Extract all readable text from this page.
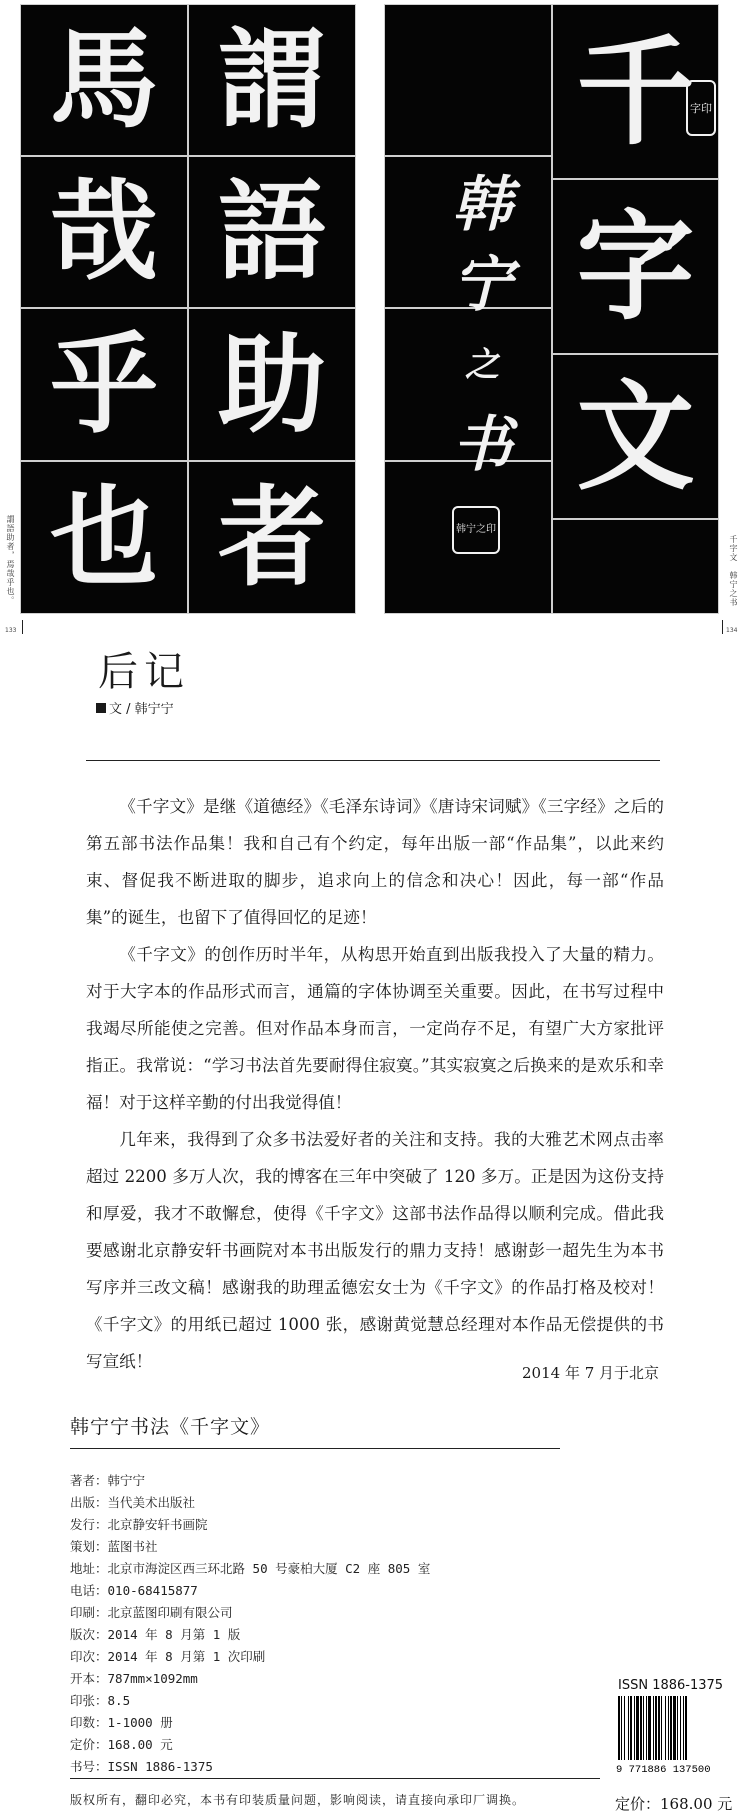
馬
哉
乎
也
謂
語
助
者
千
字
文
字印
韩
宁
之
书
韩宁之印
謂語助者，焉哉乎也。	千字文　韩宁之书
133	134
后记
文 / 韩宁宁

《千字文》是继《道德经》《毛泽东诗词》《唐诗宋词赋》《三字经》之后的第五部书法作品集！我和自己有个约定，每年出版一部“作品集”，以此来约束、督促我不断进取的脚步，追求向上的信念和决心！因此，每一部“作品集”的诞生，也留下了值得回忆的足迹！

《千字文》的创作历时半年，从构思开始直到出版我投入了大量的精力。对于大字本的作品形式而言，通篇的字体协调至关重要。因此，在书写过程中我竭尽所能使之完善。但对作品本身而言，一定尚存不足，有望广大方家批评指正。我常说：“学习书法首先要耐得住寂寞。”其实寂寞之后换来的是欢乐和幸福！对于这样辛勤的付出我觉得值！

几年来，我得到了众多书法爱好者的关注和支持。我的大雅艺术网点击率超过 2200 多万人次，我的博客在三年中突破了 120 多万。正是因为这份支持和厚爱，我才不敢懈怠，使得《千字文》这部书法作品得以顺利完成。借此我要感谢北京静安轩书画院对本书出版发行的鼎力支持！感谢彭一超先生为本书写序并三改文稿！感谢我的助理孟德宏女士为《千字文》的作品打格及校对！《千字文》的用纸已超过 1000 张，感谢黄觉慧总经理对本作品无偿提供的书写宣纸！

2014 年 7 月于北京
韩宁宁书法《千字文》
著者：韩宁宁
出版：当代美术出版社
发行：北京静安轩书画院
策划：蓝图书社
地址：北京市海淀区西三环北路 50 号豪柏大厦 C2 座 805 室
电话：010-68415877
印刷：北京蓝图印刷有限公司
版次：2014 年 8 月第 1 版
印次：2014 年 8 月第 1 次印刷
开本：787mm×1092mm
印张：8.5
印数：1-1000 册
定价：168.00 元
书号：ISSN 1886-1375
版权所有，翻印必究，本书有印装质量问题，影响阅读，请直接向承印厂调换。
ISSN 1886-1375
9 771886 137500
定价：168.00 元
